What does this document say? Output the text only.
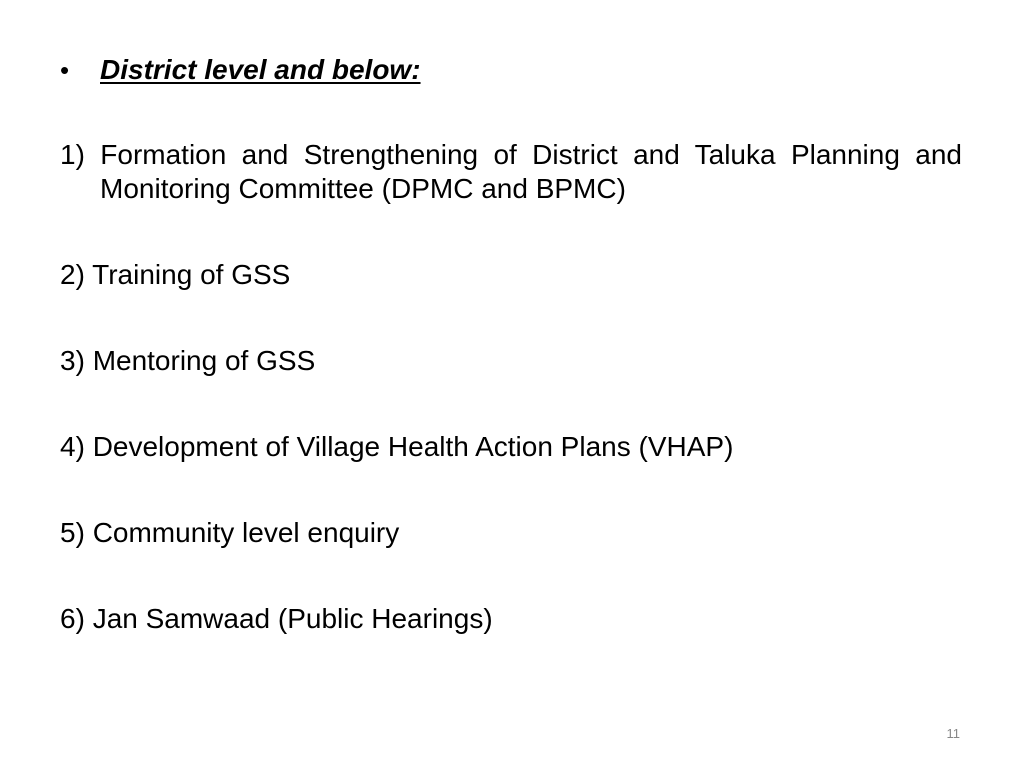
•	District level and below:
1) Formation and Strengthening of District and Taluka Planning and Monitoring Committee (DPMC and BPMC)
2) Training of GSS
3) Mentoring of GSS
4) Development of Village Health Action Plans (VHAP)
5) Community level enquiry
6) Jan Samwaad (Public Hearings)
11
